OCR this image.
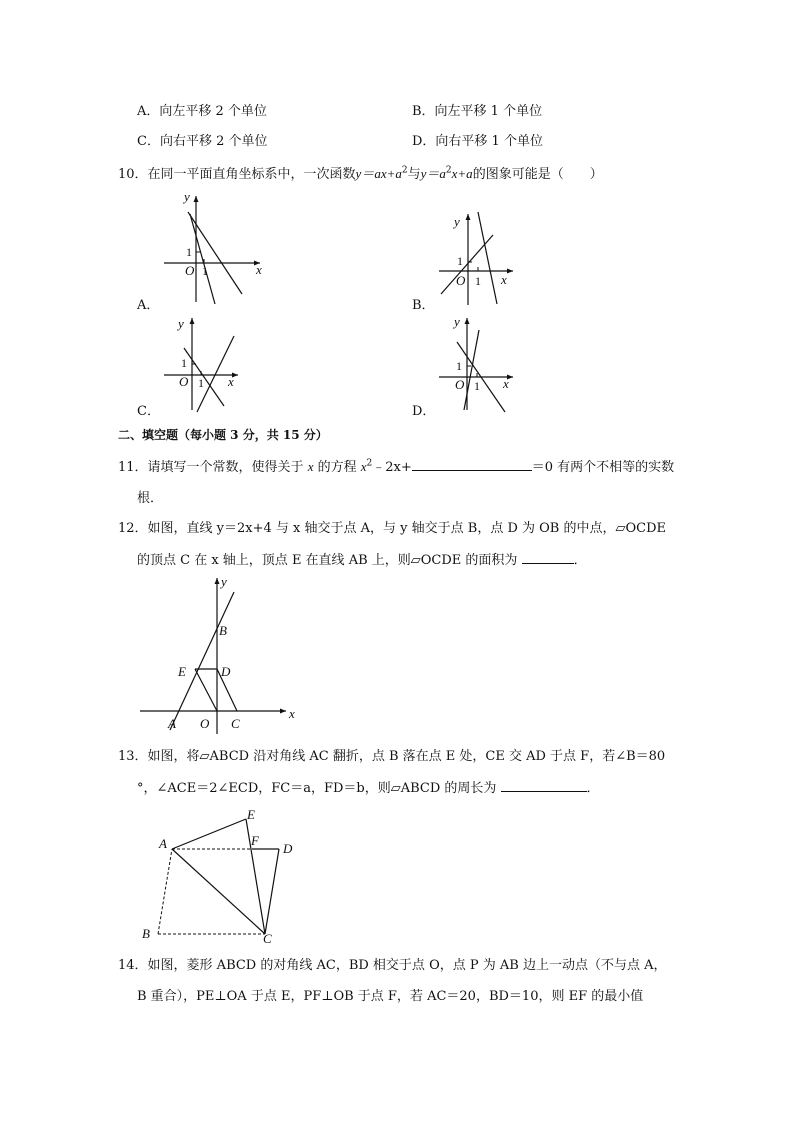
A．向左平移 2 个单位	B．向左平移 1 个单位
C．向右平移 2 个单位	D．向右平移 1 个单位
10．在同一平面直角坐标系中，一次函数$y=ax+a^2$与$y=a^2x+a$的图象可能是（　　）
y
x
1
O 1
A．
y
x
1
O 1
B．
y
x
1
O 1
C．
y
x
1
O 1
D．
二、填空题（每小题 3 分，共 15 分）
11．请填写一个常数，使得关于 x 的方程 $x^2﹣2x+$	＝0 有两个不相等的实数
根．
12．如图，直线 y＝2x+4 与 x 轴交于点 A，与 y 轴交于点 B，点 D 为 OB 的中点，▱OCDE
的顶点 C 在 x 轴上，顶点 E 在直线 AB 上，则▱OCDE 的面积为	．
y
x
B
E	D
A O C
13．如图，将▱ABCD 沿对角线 AC 翻折，点 B 落在点 E 处，CE 交 AD 于点 F，若∠B＝80
°，∠ACE＝2∠ECD，FC＝a，FD＝b，则▱ABCD 的周长为	．
A
B	C
D
E
F
14．如图，菱形 ABCD 的对角线 AC，BD 相交于点 O，点 P 为 AB 边上一动点（不与点 A，
B 重合），PE⊥OA 于点 E，PF⊥OB 于点 F，若 AC＝20，BD＝10，则 EF 的最小值
